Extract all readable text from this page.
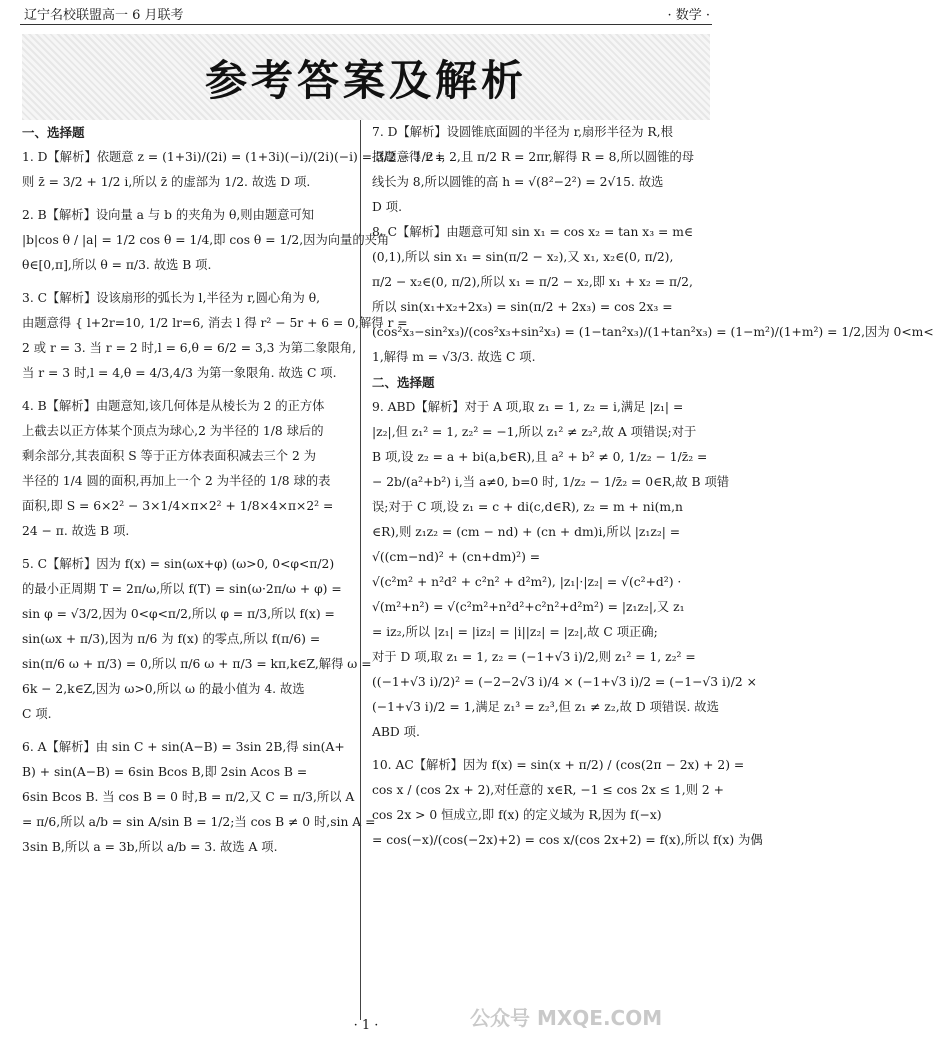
辽宁名校联盟高一 6 月联考	· 数学 ·
参考答案及解析
一、选择题
1. D【解析】依题意 z = (1+3i)/(2i) = (1+3i)(−i)/(2i)(−i) = 3/2 − 1/2 i,
则 z̄ = 3/2 + 1/2 i,所以 z̄ 的虚部为 1/2. 故选 D 项.
2. B【解析】设向量 a 与 b 的夹角为 θ,则由题意可知
|b|cos θ / |a| = 1/2 cos θ = 1/4,即 cos θ = 1/2,因为向量的夹角
θ∈[0,π],所以 θ = π/3. 故选 B 项.
3. C【解析】设该扇形的弧长为 l,半径为 r,圆心角为 θ,
由题意得 { l+2r=10, 1/2 lr=6, 消去 l 得 r² − 5r + 6 = 0,解得 r =
2 或 r = 3. 当 r = 2 时,l = 6,θ = 6/2 = 3,3 为第二象限角,
当 r = 3 时,l = 4,θ = 4/3,4/3 为第一象限角. 故选 C 项.
4. B【解析】由题意知,该几何体是从棱长为 2 的正方体
上截去以正方体某个顶点为球心,2 为半径的 1/8 球后的
剩余部分,其表面积 S 等于正方体表面积减去三个 2 为
半径的 1/4 圆的面积,再加上一个 2 为半径的 1/8 球的表
面积,即 S = 6×2² − 3×1/4×π×2² + 1/8×4×π×2² =
24 − π. 故选 B 项.
5. C【解析】因为 f(x) = sin(ωx+φ) (ω>0, 0<φ<π/2)
的最小正周期 T = 2π/ω,所以 f(T) = sin(ω·2π/ω + φ) =
sin φ = √3/2,因为 0<φ<π/2,所以 φ = π/3,所以 f(x) =
sin(ωx + π/3),因为 π/6 为 f(x) 的零点,所以 f(π/6) =
sin(π/6 ω + π/3) = 0,所以 π/6 ω + π/3 = kπ,k∈Z,解得 ω =
6k − 2,k∈Z,因为 ω>0,所以 ω 的最小值为 4. 故选
C 项.
6. A【解析】由 sin C + sin(A−B) = 3sin 2B,得 sin(A+
B) + sin(A−B) = 6sin Bcos B,即 2sin Acos B =
6sin Bcos B. 当 cos B = 0 时,B = π/2,又 C = π/3,所以 A
= π/6,所以 a/b = sin A/sin B = 1/2;当 cos B ≠ 0 时,sin A =
3sin B,所以 a = 3b,所以 a/b = 3. 故选 A 项.
7. D【解析】设圆锥底面圆的半径为 r,扇形半径为 R,根
据题意得 r = 2,且 π/2 R = 2πr,解得 R = 8,所以圆锥的母
线长为 8,所以圆锥的高 h = √(8²−2²) = 2√15. 故选
D 项.
8. C【解析】由题意可知 sin x₁ = cos x₂ = tan x₃ = m∈
(0,1),所以 sin x₁ = sin(π/2 − x₂),又 x₁, x₂∈(0, π/2),
π/2 − x₂∈(0, π/2),所以 x₁ = π/2 − x₂,即 x₁ + x₂ = π/2,
所以 sin(x₁+x₂+2x₃) = sin(π/2 + 2x₃) = cos 2x₃ =
(cos²x₃−sin²x₃)/(cos²x₃+sin²x₃) = (1−tan²x₃)/(1+tan²x₃) = (1−m²)/(1+m²) = 1/2,因为 0<m<
1,解得 m = √3/3. 故选 C 项.
二、选择题
9. ABD【解析】对于 A 项,取 z₁ = 1, z₂ = i,满足 |z₁| =
|z₂|,但 z₁² = 1, z₂² = −1,所以 z₁² ≠ z₂²,故 A 项错误;对于
B 项,设 z₂ = a + bi(a,b∈R),且 a² + b² ≠ 0, 1/z₂ − 1/z̄₂ =
− 2b/(a²+b²) i,当 a≠0, b=0 时, 1/z₂ − 1/z̄₂ = 0∈R,故 B 项错
误;对于 C 项,设 z₁ = c + di(c,d∈R), z₂ = m + ni(m,n
∈R),则 z₁z₂ = (cm − nd) + (cn + dm)i,所以 |z₁z₂| =
√((cm−nd)² + (cn+dm)²) =
√(c²m² + n²d² + c²n² + d²m²), |z₁|·|z₂| = √(c²+d²) ·
√(m²+n²) = √(c²m²+n²d²+c²n²+d²m²) = |z₁z₂|,又 z₁
= iz₂,所以 |z₁| = |iz₂| = |i||z₂| = |z₂|,故 C 项正确;
对于 D 项,取 z₁ = 1, z₂ = (−1+√3 i)/2,则 z₁² = 1, z₂² =
((−1+√3 i)/2)² = (−2−2√3 i)/4 × (−1+√3 i)/2 = (−1−√3 i)/2 ×
(−1+√3 i)/2 = 1,满足 z₁³ = z₂³,但 z₁ ≠ z₂,故 D 项错误. 故选
ABD 项.
10. AC【解析】因为 f(x) = sin(x + π/2) / (cos(2π − 2x) + 2) =
cos x / (cos 2x + 2),对任意的 x∈R, −1 ≤ cos 2x ≤ 1,则 2 +
cos 2x > 0 恒成立,即 f(x) 的定义域为 R,因为 f(−x)
= cos(−x)/(cos(−2x)+2) = cos x/(cos 2x+2) = f(x),所以 f(x) 为偶
公众号 MXQE.COM
· 1 ·
